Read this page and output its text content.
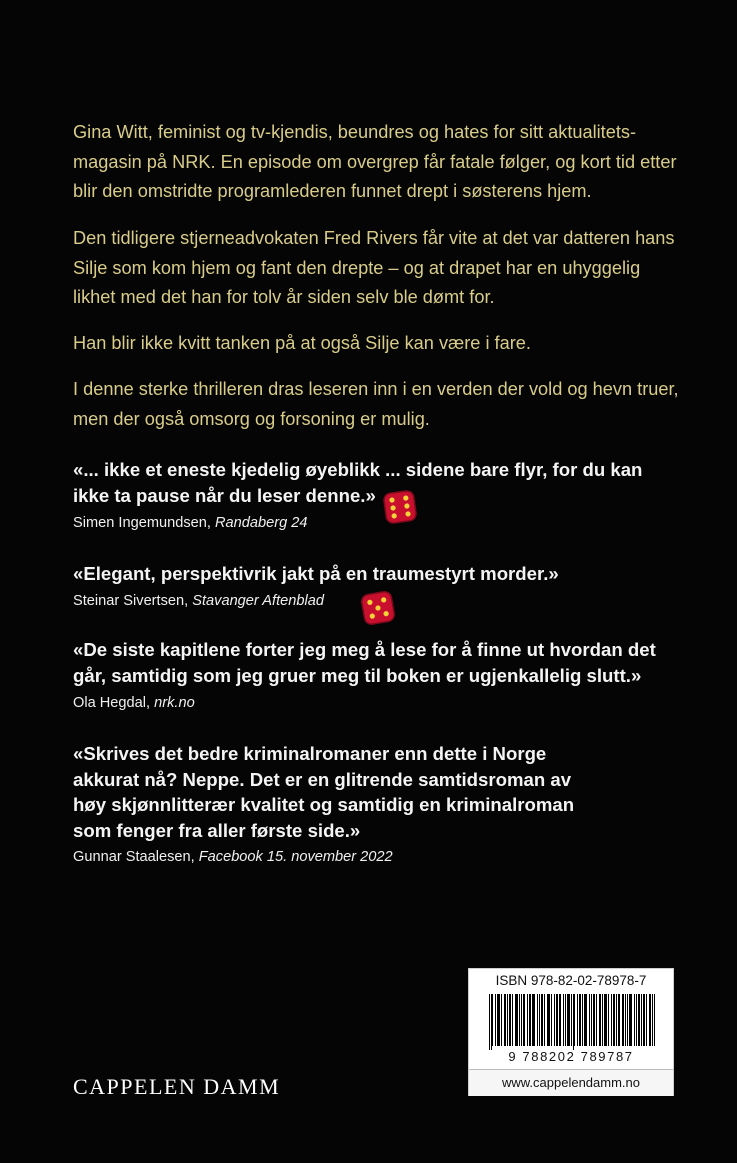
Gina Witt, feminist og tv-kjendis, beundres og hates for sitt aktualitets-magasin på NRK. En episode om overgrep får fatale følger, og kort tid etter blir den omstridte programlederen funnet drept i søsterens hjem.

Den tidligere stjerneadvokaten Fred Rivers får vite at det var datteren hans Silje som kom hjem og fant den drepte – og at drapet har en uhyggelig likhet med det han for tolv år siden selv ble dømt for.

Han blir ikke kvitt tanken på at også Silje kan være i fare.

I denne sterke thrilleren dras leseren inn i en verden der vold og hevn truer, men der også omsorg og forsoning er mulig.

«... ikke et eneste kjedelig øyeblikk ... sidene bare flyr, for du kan

ikke ta pause når du leser denne.»

Simen Ingemundsen, Randaberg 24

«Elegant, perspektivrik jakt på en traumestyrt morder.»

Steinar Sivertsen, Stavanger Aftenblad

«De siste kapitlene forter jeg meg å lese for å finne ut hvordan det

går, samtidig som jeg gruer meg til boken er ugjenkallelig slutt.»

Ola Hegdal, nrk.no

«Skrives det bedre kriminalromaner enn dette i Norge

akkurat nå? Neppe. Det er en glitrende samtidsroman av

høy skjønnlitterær kvalitet og samtidig en kriminalroman

som fenger fra aller første side.»

Gunnar Staalesen, Facebook 15. november 2022
CAPPELEN DAMM
ISBN 978-82-02-78978-7
9 788202 789787
www.cappelendamm.no
